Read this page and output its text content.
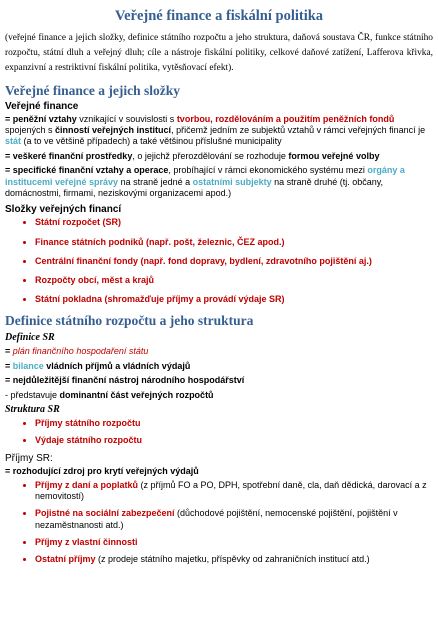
Veřejné finance a fiskální politika
(veřejné finance a jejich složky, definice státního rozpočtu a jeho struktura, daňová soustava ČR, funkce státního rozpočtu, státní dluh a veřejný dluh; cíle a nástroje fiskální politiky, celkové daňové zatížení, Lafferova křivka, expanzivní a restriktivní fiskální politika, vytěsňovací efekt).
Veřejné finance a jejich složky
Veřejné finance
= peněžní vztahy vznikající v souvislosti s tvorbou, rozdělováním a použitím peněžních fondů spojených s činností veřejných institucí, přičemž jedním ze subjektů vztahů v rámci veřejných financí je stát (a to ve většině případech) a také většinou příslušné municipality
= veškeré finanční prostředky, o jejichž přerozdělování se rozhoduje formou veřejné volby
= specifické finanční vztahy a operace, probíhající v rámci ekonomického systému mezi orgány a institucemi veřejné správy na straně jedné a ostatními subjekty na straně druhé (tj. občany, domácnostmi, firmami, neziskovými organizacemi apod.)
Složky veřejných financí
• Státní rozpočet (SR)
• Finance státních podniků (např. pošt, železnic, ČEZ apod.)
• Centrální finanční fondy (např. fond dopravy, bydlení, zdravotního pojištění aj.)
• Rozpočty obcí, měst a krajů
• Státní pokladna (shromažďuje příjmy a provádí výdaje SR)
Definice státního rozpočtu a jeho struktura
Definice SR
= plán finančního hospodaření státu
= bilance vládních příjmů a vládních výdajů
= nejdůležitější finanční nástroj národního hospodářství
- představuje dominantní část veřejných rozpočtů
Struktura SR
• Příjmy státního rozpočtu
• Výdaje státního rozpočtu
Příjmy SR:
= rozhodující zdroj pro krytí veřejných výdajů
• Příjmy z daní a poplatků (z příjmů FO a PO, DPH, spotřební daně, cla, daň dědická, darovací a z nemovitostí)
• Pojistné na sociální zabezpečení (důchodové pojištění, nemocenské pojištění, pojištění v nezaměstnanosti atd.)
• Příjmy z vlastní činnosti
• Ostatní příjmy (z prodeje státního majetku, příspěvky od zahraničních institucí atd.)
